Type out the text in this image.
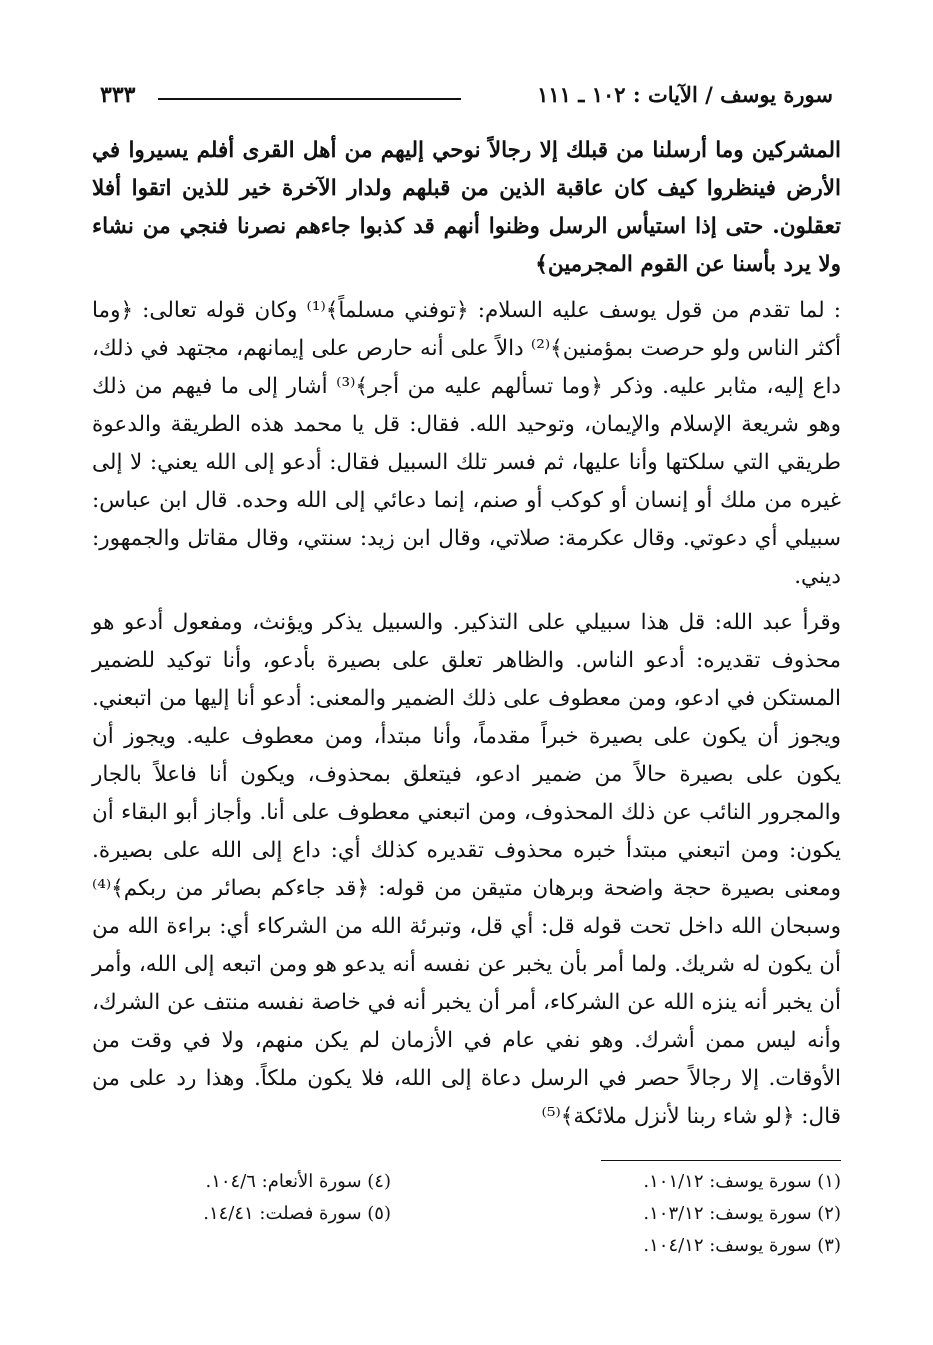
سورة يوسف / الآيات : ١٠٢ ـ ١١١
٣٣٣

المشركين وما أرسلنا من قبلك إلا رجالاً نوحي إليهم من أهل القرى أفلم يسيروا في الأرض فينظروا كيف كان عاقبة الذين من قبلهم ولدار الآخرة خير للذين اتقوا أفلا تعقلون. حتى إذا استيأس الرسل وظنوا أنهم قد كذبوا جاءهم نصرنا فنجي من نشاء ولا يرد بأسنا عن القوم المجرمين﴾

: لما تقدم من قول يوسف عليه السلام: ﴿توفني مسلماً﴾⁽¹⁾ وكان قوله تعالى: ﴿وما أكثر الناس ولو حرصت بمؤمنين﴾⁽²⁾ دالاً على أنه حارص على إيمانهم، مجتهد في ذلك، داع إليه، مثابر عليه. وذكر ﴿وما تسألهم عليه من أجر﴾⁽³⁾ أشار إلى ما فيهم من ذلك وهو شريعة الإسلام والإيمان، وتوحيد الله. فقال: قل يا محمد هذه الطريقة والدعوة طريقي التي سلكتها وأنا عليها، ثم فسر تلك السبيل فقال: أدعو إلى الله يعني: لا إلى غيره من ملك أو إنسان أو كوكب أو صنم، إنما دعائي إلى الله وحده. قال ابن عباس: سبيلي أي دعوتي. وقال عكرمة: صلاتي، وقال ابن زيد: سنتي، وقال مقاتل والجمهور: ديني.

وقرأ عبد الله: قل هذا سبيلي على التذكير. والسبيل يذكر ويؤنث، ومفعول أدعو هو محذوف تقديره: أدعو الناس. والظاهر تعلق على بصيرة بأدعو، وأنا توكيد للضمير المستكن في ادعو، ومن معطوف على ذلك الضمير والمعنى: أدعو أنا إليها من اتبعني. ويجوز أن يكون على بصيرة خبراً مقدماً، وأنا مبتدأ، ومن معطوف عليه. ويجوز أن يكون على بصيرة حالاً من ضمير ادعو، فيتعلق بمحذوف، ويكون أنا فاعلاً بالجار والمجرور النائب عن ذلك المحذوف، ومن اتبعني معطوف على أنا. وأجاز أبو البقاء أن يكون: ومن اتبعني مبتدأ خبره محذوف تقديره كذلك أي: داع إلى الله على بصيرة. ومعنى بصيرة حجة واضحة وبرهان متيقن من قوله: ﴿قد جاءكم بصائر من ربكم﴾⁽⁴⁾ وسبحان الله داخل تحت قوله قل: أي قل، وتبرئة الله من الشركاء أي: براءة الله من أن يكون له شريك. ولما أمر بأن يخبر عن نفسه أنه يدعو هو ومن اتبعه إلى الله، وأمر أن يخبر أنه ينزه الله عن الشركاء، أمر أن يخبر أنه في خاصة نفسه منتف عن الشرك، وأنه ليس ممن أشرك. وهو نفي عام في الأزمان لم يكن منهم، ولا في وقت من الأوقات. إلا رجالاً حصر في الرسل دعاة إلى الله، فلا يكون ملكاً. وهذا رد على من قال: ﴿لو شاء ربنا لأنزل ملائكة﴾⁽⁵⁾

(١) سورة يوسف: ١٠١/١٢.
(٢) سورة يوسف: ١٠٣/١٢.
(٣) سورة يوسف: ١٠٤/١٢.
(٤) سورة الأنعام: ١٠٤/٦.
(٥) سورة فصلت: ١٤/٤١.
